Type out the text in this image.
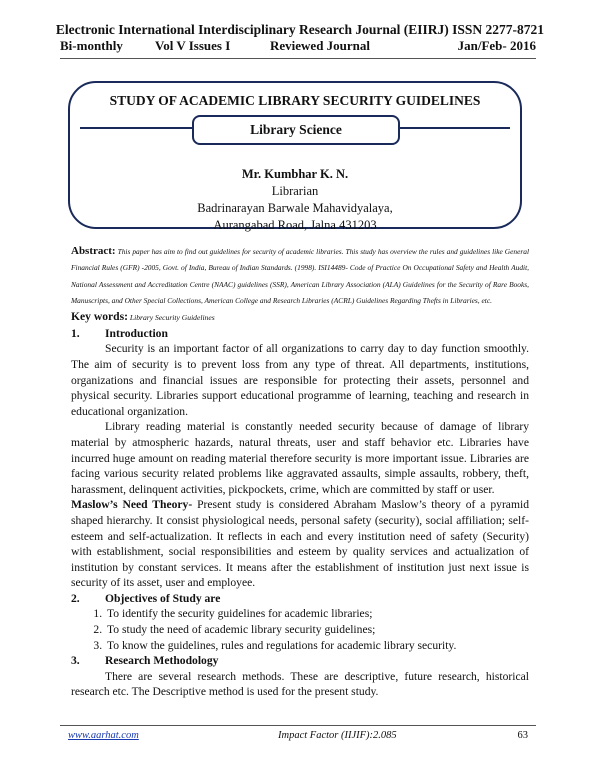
Electronic International Interdisciplinary Research Journal (EIIRJ) ISSN 2277-8721
Bi-monthly Vol V Issues I	Reviewed Journal	Jan/Feb- 2016
STUDY OF ACADEMIC LIBRARY SECURITY GUIDELINES
Library Science
Mr. Kumbhar K. N.
Librarian
Badrinarayan Barwale Mahavidyalaya,
Aurangabad Road, Jalna 431203

Abstract: This paper has aim to find out guidelines for security of academic libraries. This study has overview the rules and guidelines like General Financial Rules (GFR) -2005, Govt. of India, Bureau of Indian Standards. (1998). ISI14489- Code of Practice On Occupational Safety and Health Audit, National Assessment and Accreditation Centre (NAAC) guidelines (SSR), American Library Association (ALA) Guidelines for the Security of Rare Books, Manuscripts, and Other Special Collections, American College and Research Libraries (ACRL) Guidelines Regarding Thefts in Libraries, etc.

Key words: Library Security Guidelines

1.	Introduction

Security is an important factor of all organizations to carry day to day function smoothly. The aim of security is to prevent loss from any type of threat. All departments, institutions, organizations and financial issues are responsible for protecting their assets, personnel and physical security. Libraries support educational programme of learning, teaching and research in educational organization.

Library reading material is constantly needed security because of damage of library material by atmospheric hazards, natural threats, user and staff behavior etc. Libraries have incurred huge amount on reading material therefore security is more important issue. Libraries are facing various security related problems like aggravated assaults, simple assaults, robbery, theft, harassment, delinquent activities, pickpockets, crime, which are committed by staff or user.

Maslow’s Need Theory- Present study is considered Abraham Maslow’s theory of a pyramid shaped hierarchy. It consist physiological needs, personal safety (security), social affiliation; self-esteem and self-actualization. It reflects in each and every institution need of safety (Security) with establishment, social responsibilities and esteem by quality services and actualization of institution by constant services. It means after the establishment of institution just next issue is security of its asset, user and employee.

2.	Objectives of Study are
1. To identify the security guidelines for academic libraries;
2. To study the need of academic library security guidelines;
3. To know the guidelines, rules and regulations for academic library security.
3.	Research Methodology

There are several research methods. These are descriptive, future research, historical research etc. The Descriptive method is used for the present study.

www.aarhat.com	Impact Factor (IIJIF):2.085	63
